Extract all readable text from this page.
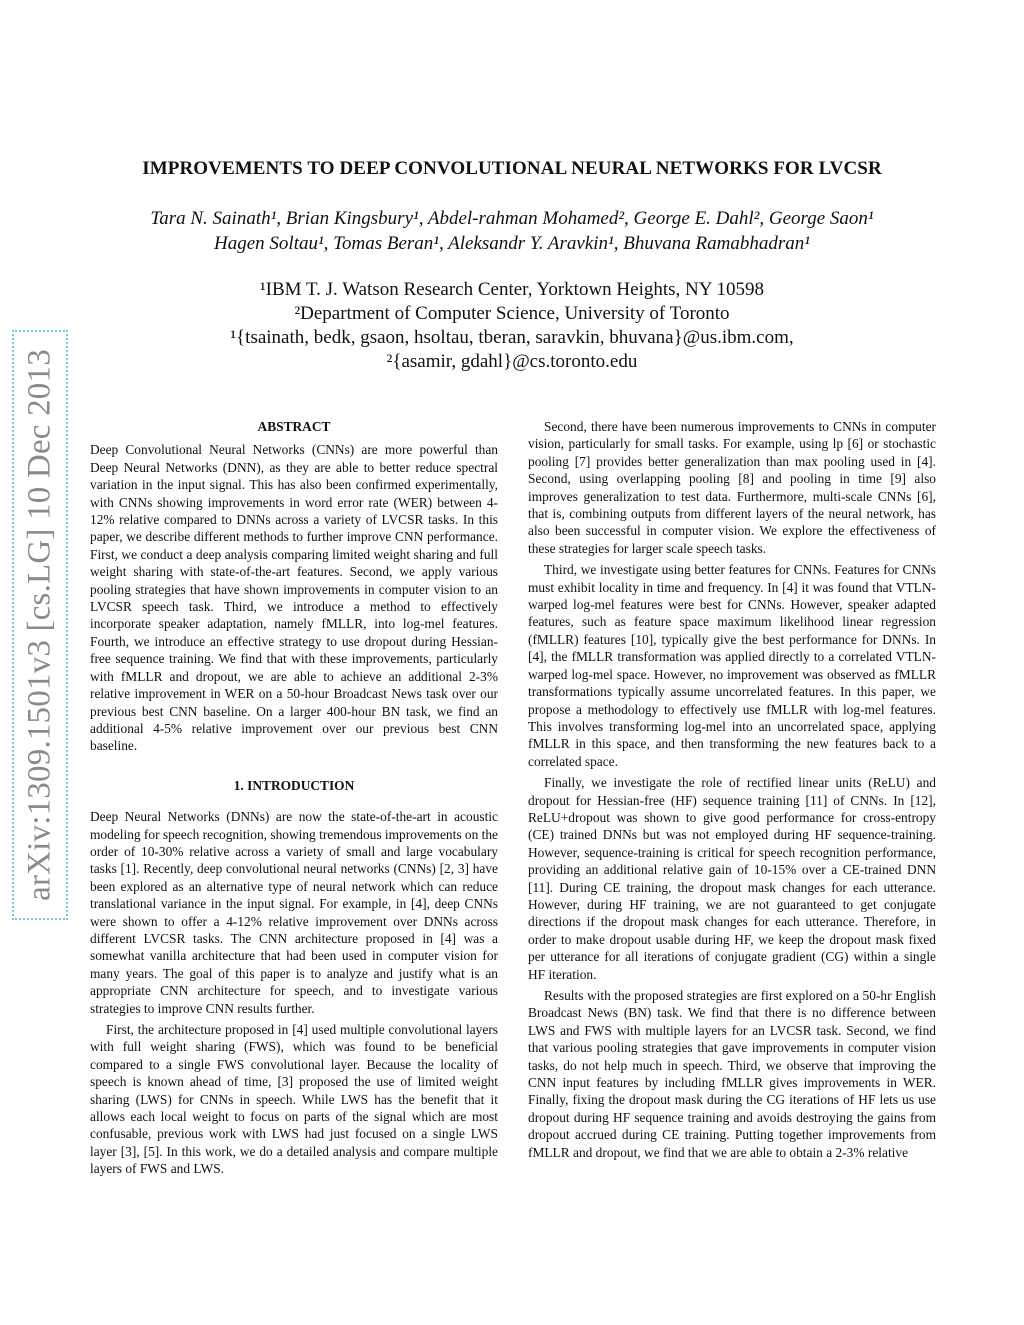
arXiv:1309.1501v3 [cs.LG] 10 Dec 2013
IMPROVEMENTS TO DEEP CONVOLUTIONAL NEURAL NETWORKS FOR LVCSR
Tara N. Sainath¹, Brian Kingsbury¹, Abdel-rahman Mohamed², George E. Dahl², George Saon¹
Hagen Soltau¹, Tomas Beran¹, Aleksandr Y. Aravkin¹, Bhuvana Ramabhadran¹
¹IBM T. J. Watson Research Center, Yorktown Heights, NY 10598
²Department of Computer Science, University of Toronto
¹{tsainath, bedk, gsaon, hsoltau, tberan, saravkin, bhuvana}@us.ibm.com,
²{asamir, gdahl}@cs.toronto.edu
ABSTRACT

Deep Convolutional Neural Networks (CNNs) are more powerful than Deep Neural Networks (DNN), as they are able to better reduce spectral variation in the input signal. This has also been confirmed experimentally, with CNNs showing improvements in word error rate (WER) between 4-12% relative compared to DNNs across a variety of LVCSR tasks. In this paper, we describe different methods to further improve CNN performance. First, we conduct a deep analysis comparing limited weight sharing and full weight sharing with state-of-the-art features. Second, we apply various pooling strategies that have shown improvements in computer vision to an LVCSR speech task. Third, we introduce a method to effectively incorporate speaker adaptation, namely fMLLR, into log-mel features. Fourth, we introduce an effective strategy to use dropout during Hessian-free sequence training. We find that with these improvements, particularly with fMLLR and dropout, we are able to achieve an additional 2-3% relative improvement in WER on a 50-hour Broadcast News task over our previous best CNN baseline. On a larger 400-hour BN task, we find an additional 4-5% relative improvement over our previous best CNN baseline.

1. INTRODUCTION

Deep Neural Networks (DNNs) are now the state-of-the-art in acoustic modeling for speech recognition, showing tremendous improvements on the order of 10-30% relative across a variety of small and large vocabulary tasks [1]. Recently, deep convolutional neural networks (CNNs) [2, 3] have been explored as an alternative type of neural network which can reduce translational variance in the input signal. For example, in [4], deep CNNs were shown to offer a 4-12% relative improvement over DNNs across different LVCSR tasks. The CNN architecture proposed in [4] was a somewhat vanilla architecture that had been used in computer vision for many years. The goal of this paper is to analyze and justify what is an appropriate CNN architecture for speech, and to investigate various strategies to improve CNN results further.

First, the architecture proposed in [4] used multiple convolutional layers with full weight sharing (FWS), which was found to be beneficial compared to a single FWS convolutional layer. Because the locality of speech is known ahead of time, [3] proposed the use of limited weight sharing (LWS) for CNNs in speech. While LWS has the benefit that it allows each local weight to focus on parts of the signal which are most confusable, previous work with LWS had just focused on a single LWS layer [3], [5]. In this work, we do a detailed analysis and compare multiple layers of FWS and LWS.

Second, there have been numerous improvements to CNNs in computer vision, particularly for small tasks. For example, using lp [6] or stochastic pooling [7] provides better generalization than max pooling used in [4]. Second, using overlapping pooling [8] and pooling in time [9] also improves generalization to test data. Furthermore, multi-scale CNNs [6], that is, combining outputs from different layers of the neural network, has also been successful in computer vision. We explore the effectiveness of these strategies for larger scale speech tasks.

Third, we investigate using better features for CNNs. Features for CNNs must exhibit locality in time and frequency. In [4] it was found that VTLN-warped log-mel features were best for CNNs. However, speaker adapted features, such as feature space maximum likelihood linear regression (fMLLR) features [10], typically give the best performance for DNNs. In [4], the fMLLR transformation was applied directly to a correlated VTLN-warped log-mel space. However, no improvement was observed as fMLLR transformations typically assume uncorrelated features. In this paper, we propose a methodology to effectively use fMLLR with log-mel features. This involves transforming log-mel into an uncorrelated space, applying fMLLR in this space, and then transforming the new features back to a correlated space.

Finally, we investigate the role of rectified linear units (ReLU) and dropout for Hessian-free (HF) sequence training [11] of CNNs. In [12], ReLU+dropout was shown to give good performance for cross-entropy (CE) trained DNNs but was not employed during HF sequence-training. However, sequence-training is critical for speech recognition performance, providing an additional relative gain of 10-15% over a CE-trained DNN [11]. During CE training, the dropout mask changes for each utterance. However, during HF training, we are not guaranteed to get conjugate directions if the dropout mask changes for each utterance. Therefore, in order to make dropout usable during HF, we keep the dropout mask fixed per utterance for all iterations of conjugate gradient (CG) within a single HF iteration.

Results with the proposed strategies are first explored on a 50-hr English Broadcast News (BN) task. We find that there is no difference between LWS and FWS with multiple layers for an LVCSR task. Second, we find that various pooling strategies that gave improvements in computer vision tasks, do not help much in speech. Third, we observe that improving the CNN input features by including fMLLR gives improvements in WER. Finally, fixing the dropout mask during the CG iterations of HF lets us use dropout during HF sequence training and avoids destroying the gains from dropout accrued during CE training. Putting together improvements from fMLLR and dropout, we find that we are able to obtain a 2-3% relative
